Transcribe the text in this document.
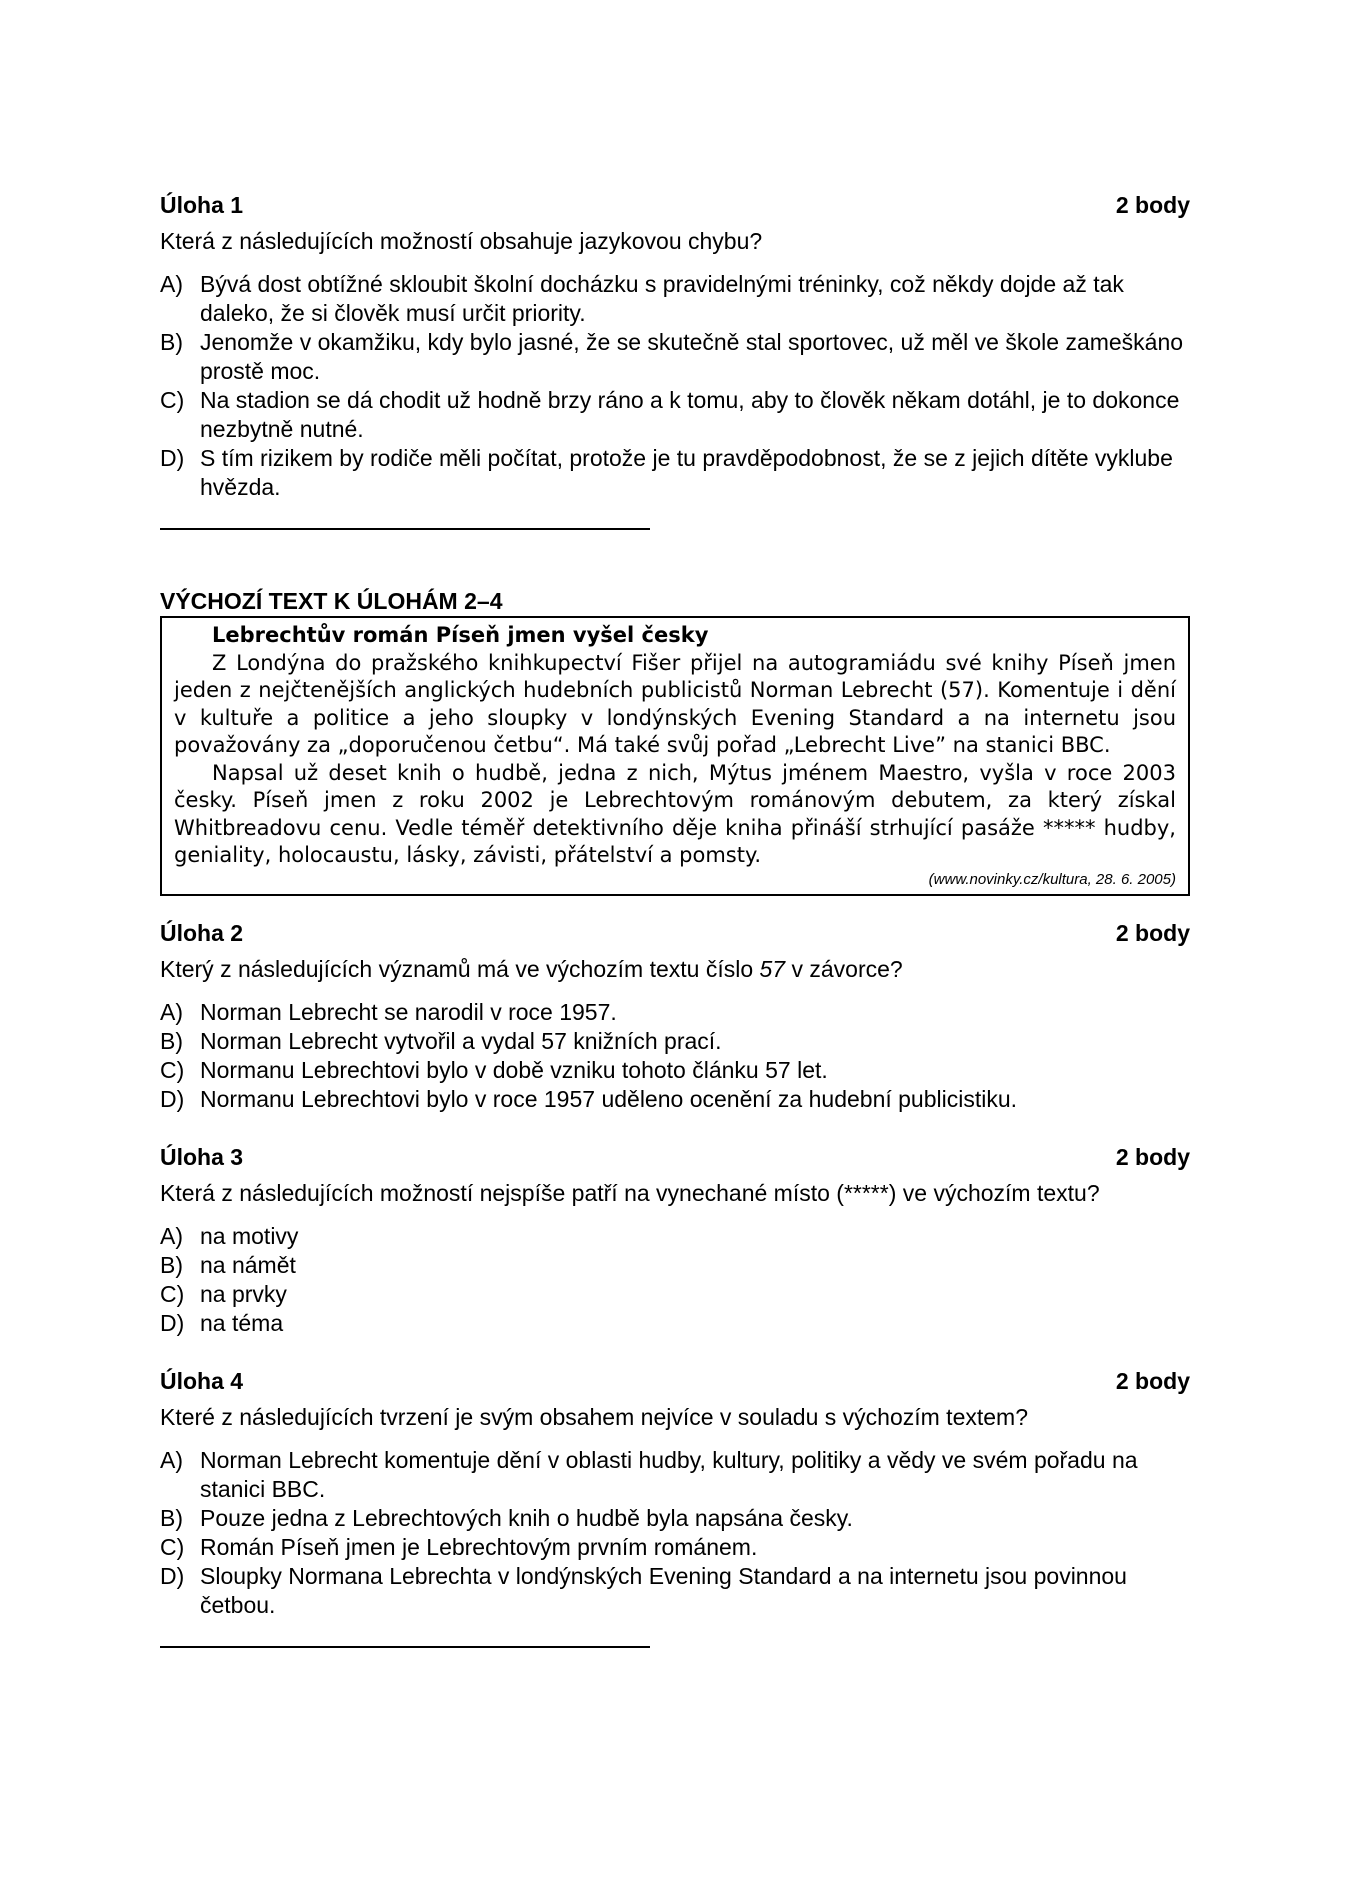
Úloha 1	2 body
Která z následujících možností obsahuje jazykovou chybu?
A) Bývá dost obtížné skloubit školní docházku s pravidelnými tréninky, což někdy dojde až tak daleko, že si člověk musí určit priority.
B) Jenomže v okamžiku, kdy bylo jasné, že se skutečně stal sportovec, už měl ve škole zameškáno prostě moc.
C) Na stadion se dá chodit už hodně brzy ráno a k tomu, aby to člověk někam dotáhl, je to dokonce nezbytně nutné.
D) S tím rizikem by rodiče měli počítat, protože je tu pravděpodobnost, že se z jejich dítěte vyklube hvězda.
VÝCHOZÍ TEXT K ÚLOHÁM 2–4
Lebrechtův román Píseň jmen vyšel česky

Z Londýna do pražského knihkupectví Fišer přijel na autogramiádu své knihy Píseň jmen jeden z nejčtenějších anglických hudebních publicistů Norman Lebrecht (57). Komentuje i dění v kultuře a politice a jeho sloupky v londýnských Evening Standard a na internetu jsou považovány za „doporučenou četbu“. Má také svůj pořad „Lebrecht Live” na stanici BBC.

Napsal už deset knih o hudbě, jedna z nich, Mýtus jménem Maestro, vyšla v roce 2003 česky. Píseň jmen z roku 2002 je Lebrechtovým románovým debutem, za který získal Whitbreadovu cenu. Vedle téměř detektivního děje kniha přináší strhující pasáže ***** hudby, geniality, holocaustu, lásky, závisti, přátelství a pomsty.

(www.novinky.cz/kultura, 28. 6. 2005)
Úloha 2	2 body
Který z následujících významů má ve výchozím textu číslo 57 v závorce?
A) Norman Lebrecht se narodil v roce 1957.
B) Norman Lebrecht vytvořil a vydal 57 knižních prací.
C) Normanu Lebrechtovi bylo v době vzniku tohoto článku 57 let.
D) Normanu Lebrechtovi bylo v roce 1957 uděleno ocenění za hudební publicistiku.
Úloha 3	2 body
Která z následujících možností nejspíše patří na vynechané místo (*****) ve výchozím textu?
A) na motivy
B) na námět
C) na prvky
D) na téma
Úloha 4	2 body
Které z následujících tvrzení je svým obsahem nejvíce v souladu s výchozím textem?
A) Norman Lebrecht komentuje dění v oblasti hudby, kultury, politiky a vědy ve svém pořadu na stanici BBC.
B) Pouze jedna z Lebrechtových knih o hudbě byla napsána česky.
C) Román Píseň jmen je Lebrechtovým prvním románem.
D) Sloupky Normana Lebrechta v londýnských Evening Standard a na internetu jsou povinnou četbou.
